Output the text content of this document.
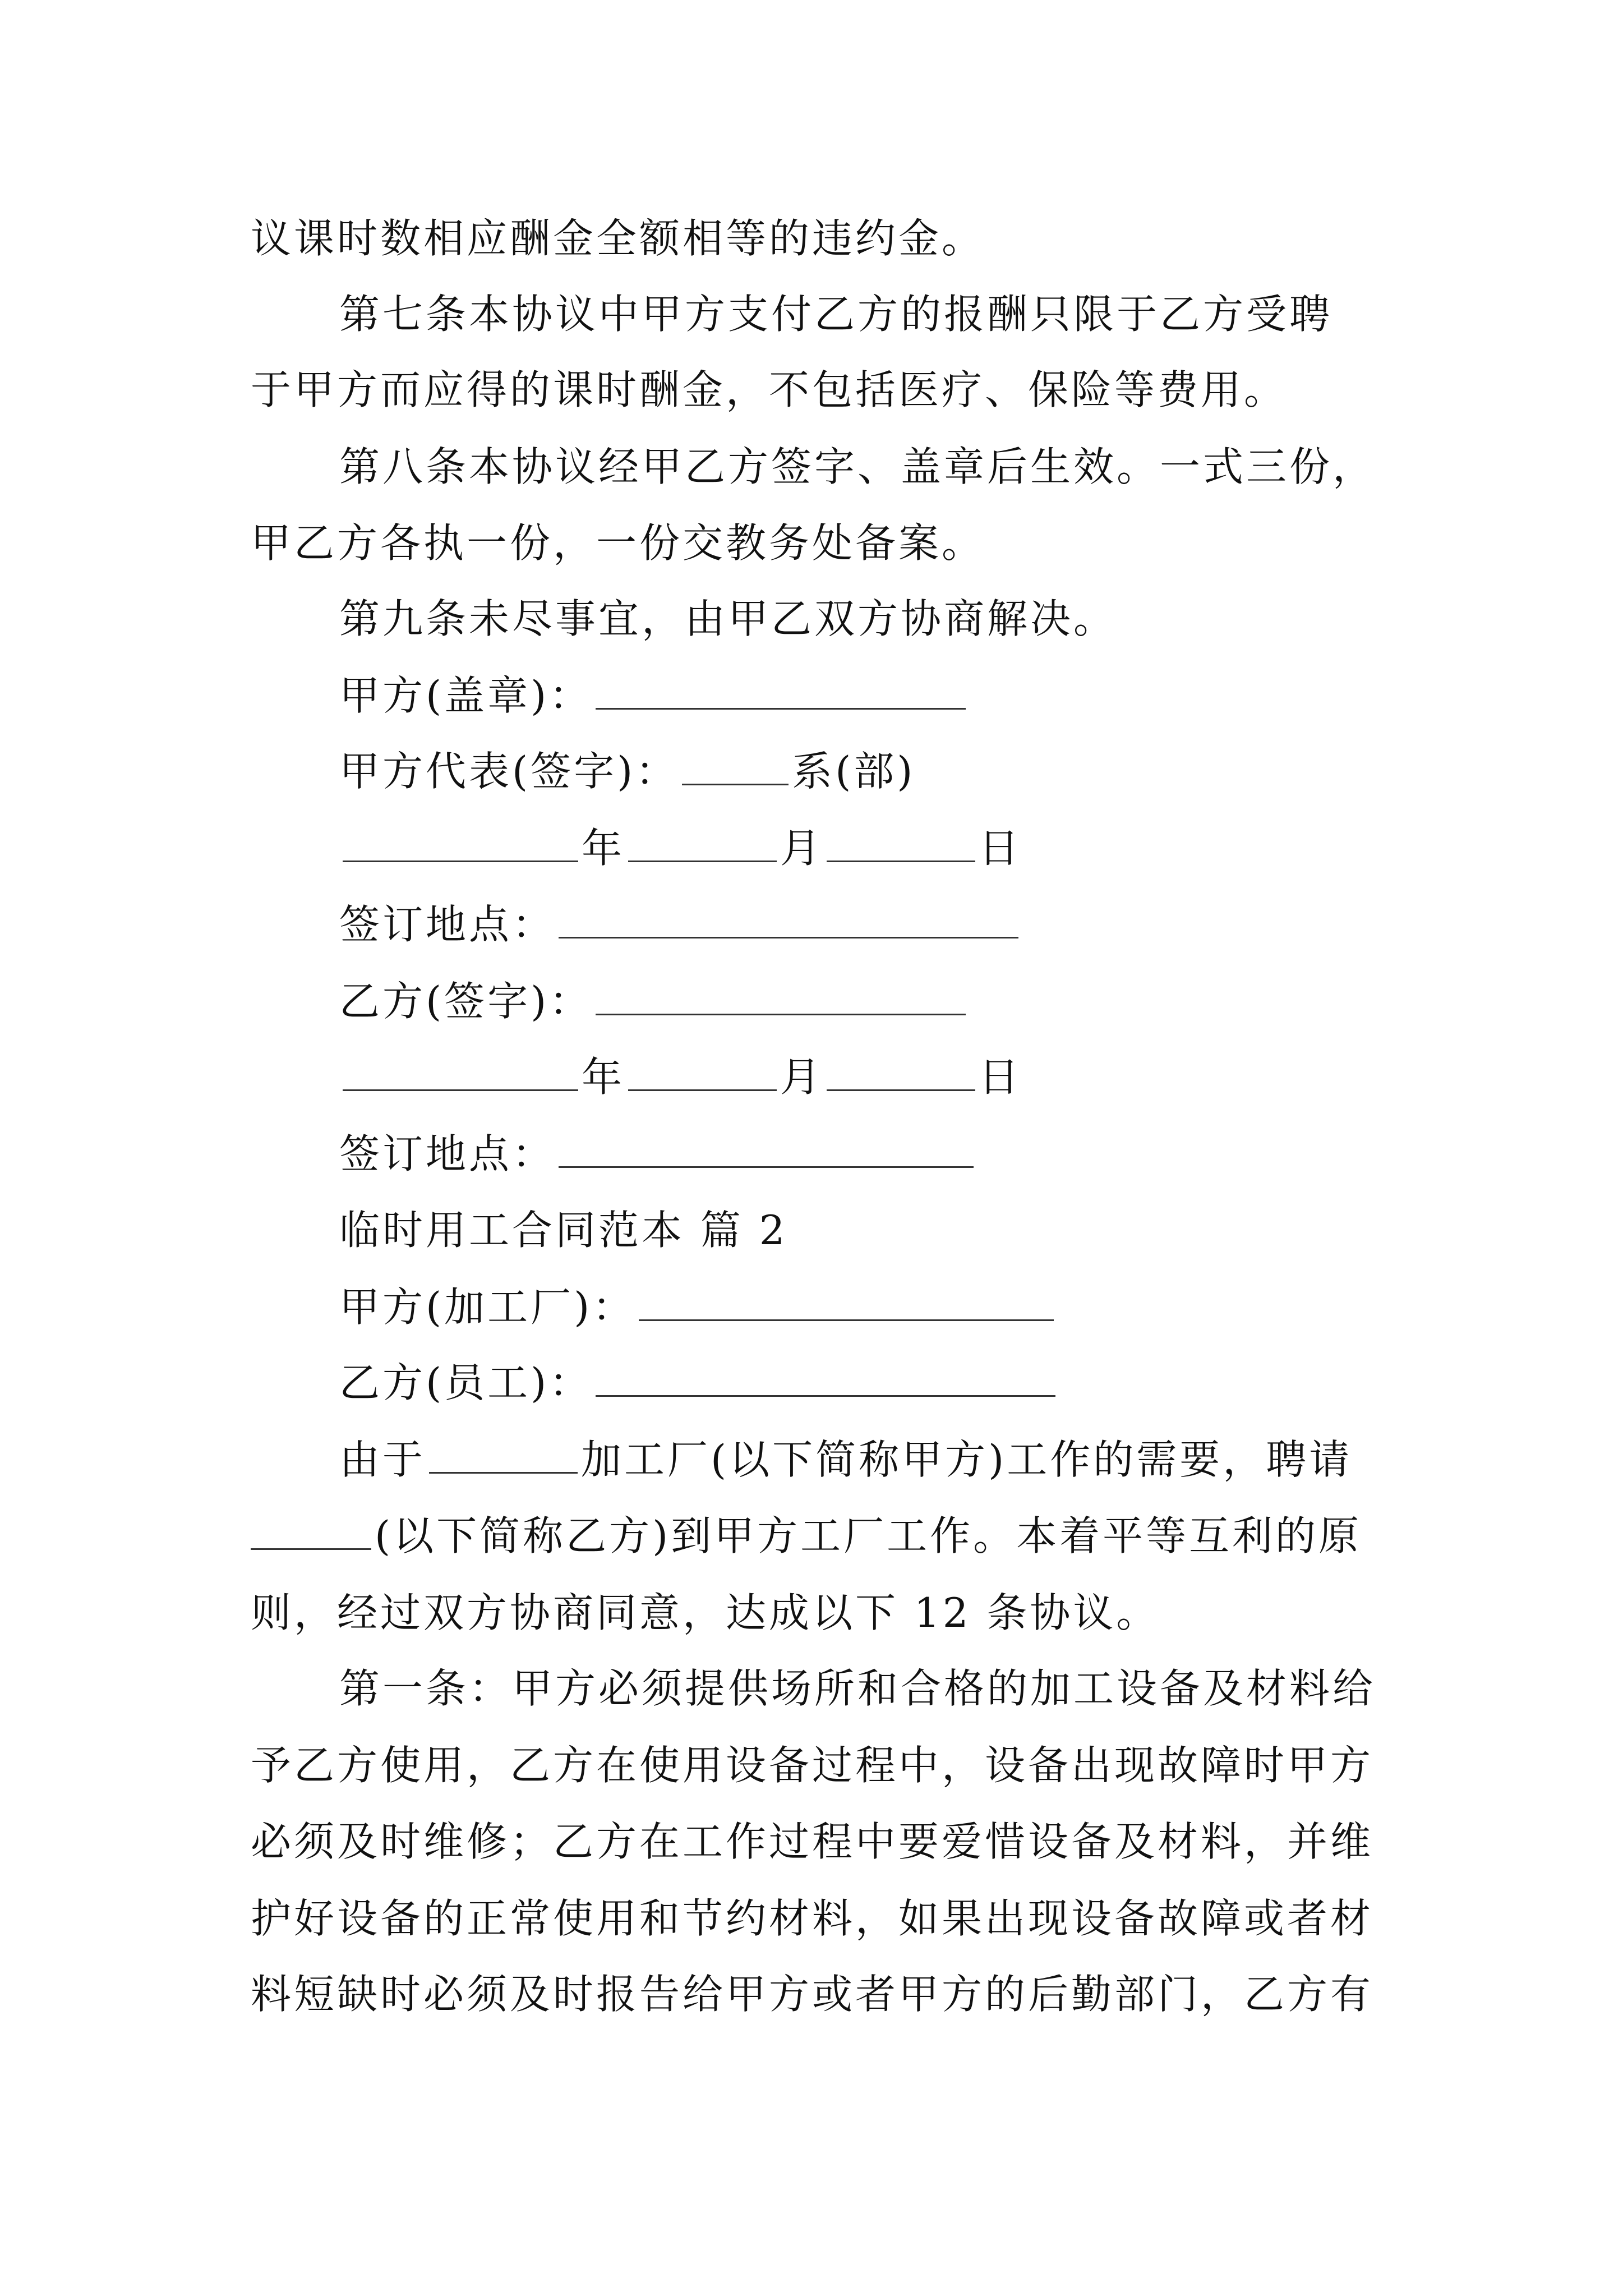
议课时数相应酬金全额相等的违约金。
第七条本协议中甲方支付乙方的报酬只限于乙方受聘
于甲方而应得的课时酬金，不包括医疗、保险等费用。
第八条本协议经甲乙方签字、盖章后生效。一式三份，
甲乙方各执一份，一份交教务处备案。
第九条未尽事宜，由甲乙双方协商解决。
甲方(盖章)：
甲方代表(签字)：	系(部)
年	月	日
签订地点：
乙方(签字)：
年	月	日
签订地点：
临时用工合同范本 篇 2
甲方(加工厂)：
乙方(员工)：
由于	加工厂(以下简称甲方)工作的需要，聘请
(以下简称乙方)到甲方工厂工作。本着平等互利的原
则，经过双方协商同意，达成以下 12 条协议。
第一条：甲方必须提供场所和合格的加工设备及材料给
予乙方使用，乙方在使用设备过程中，设备出现故障时甲方
必须及时维修；乙方在工作过程中要爱惜设备及材料，并维
护好设备的正常使用和节约材料，如果出现设备故障或者材
料短缺时必须及时报告给甲方或者甲方的后勤部门，乙方有
